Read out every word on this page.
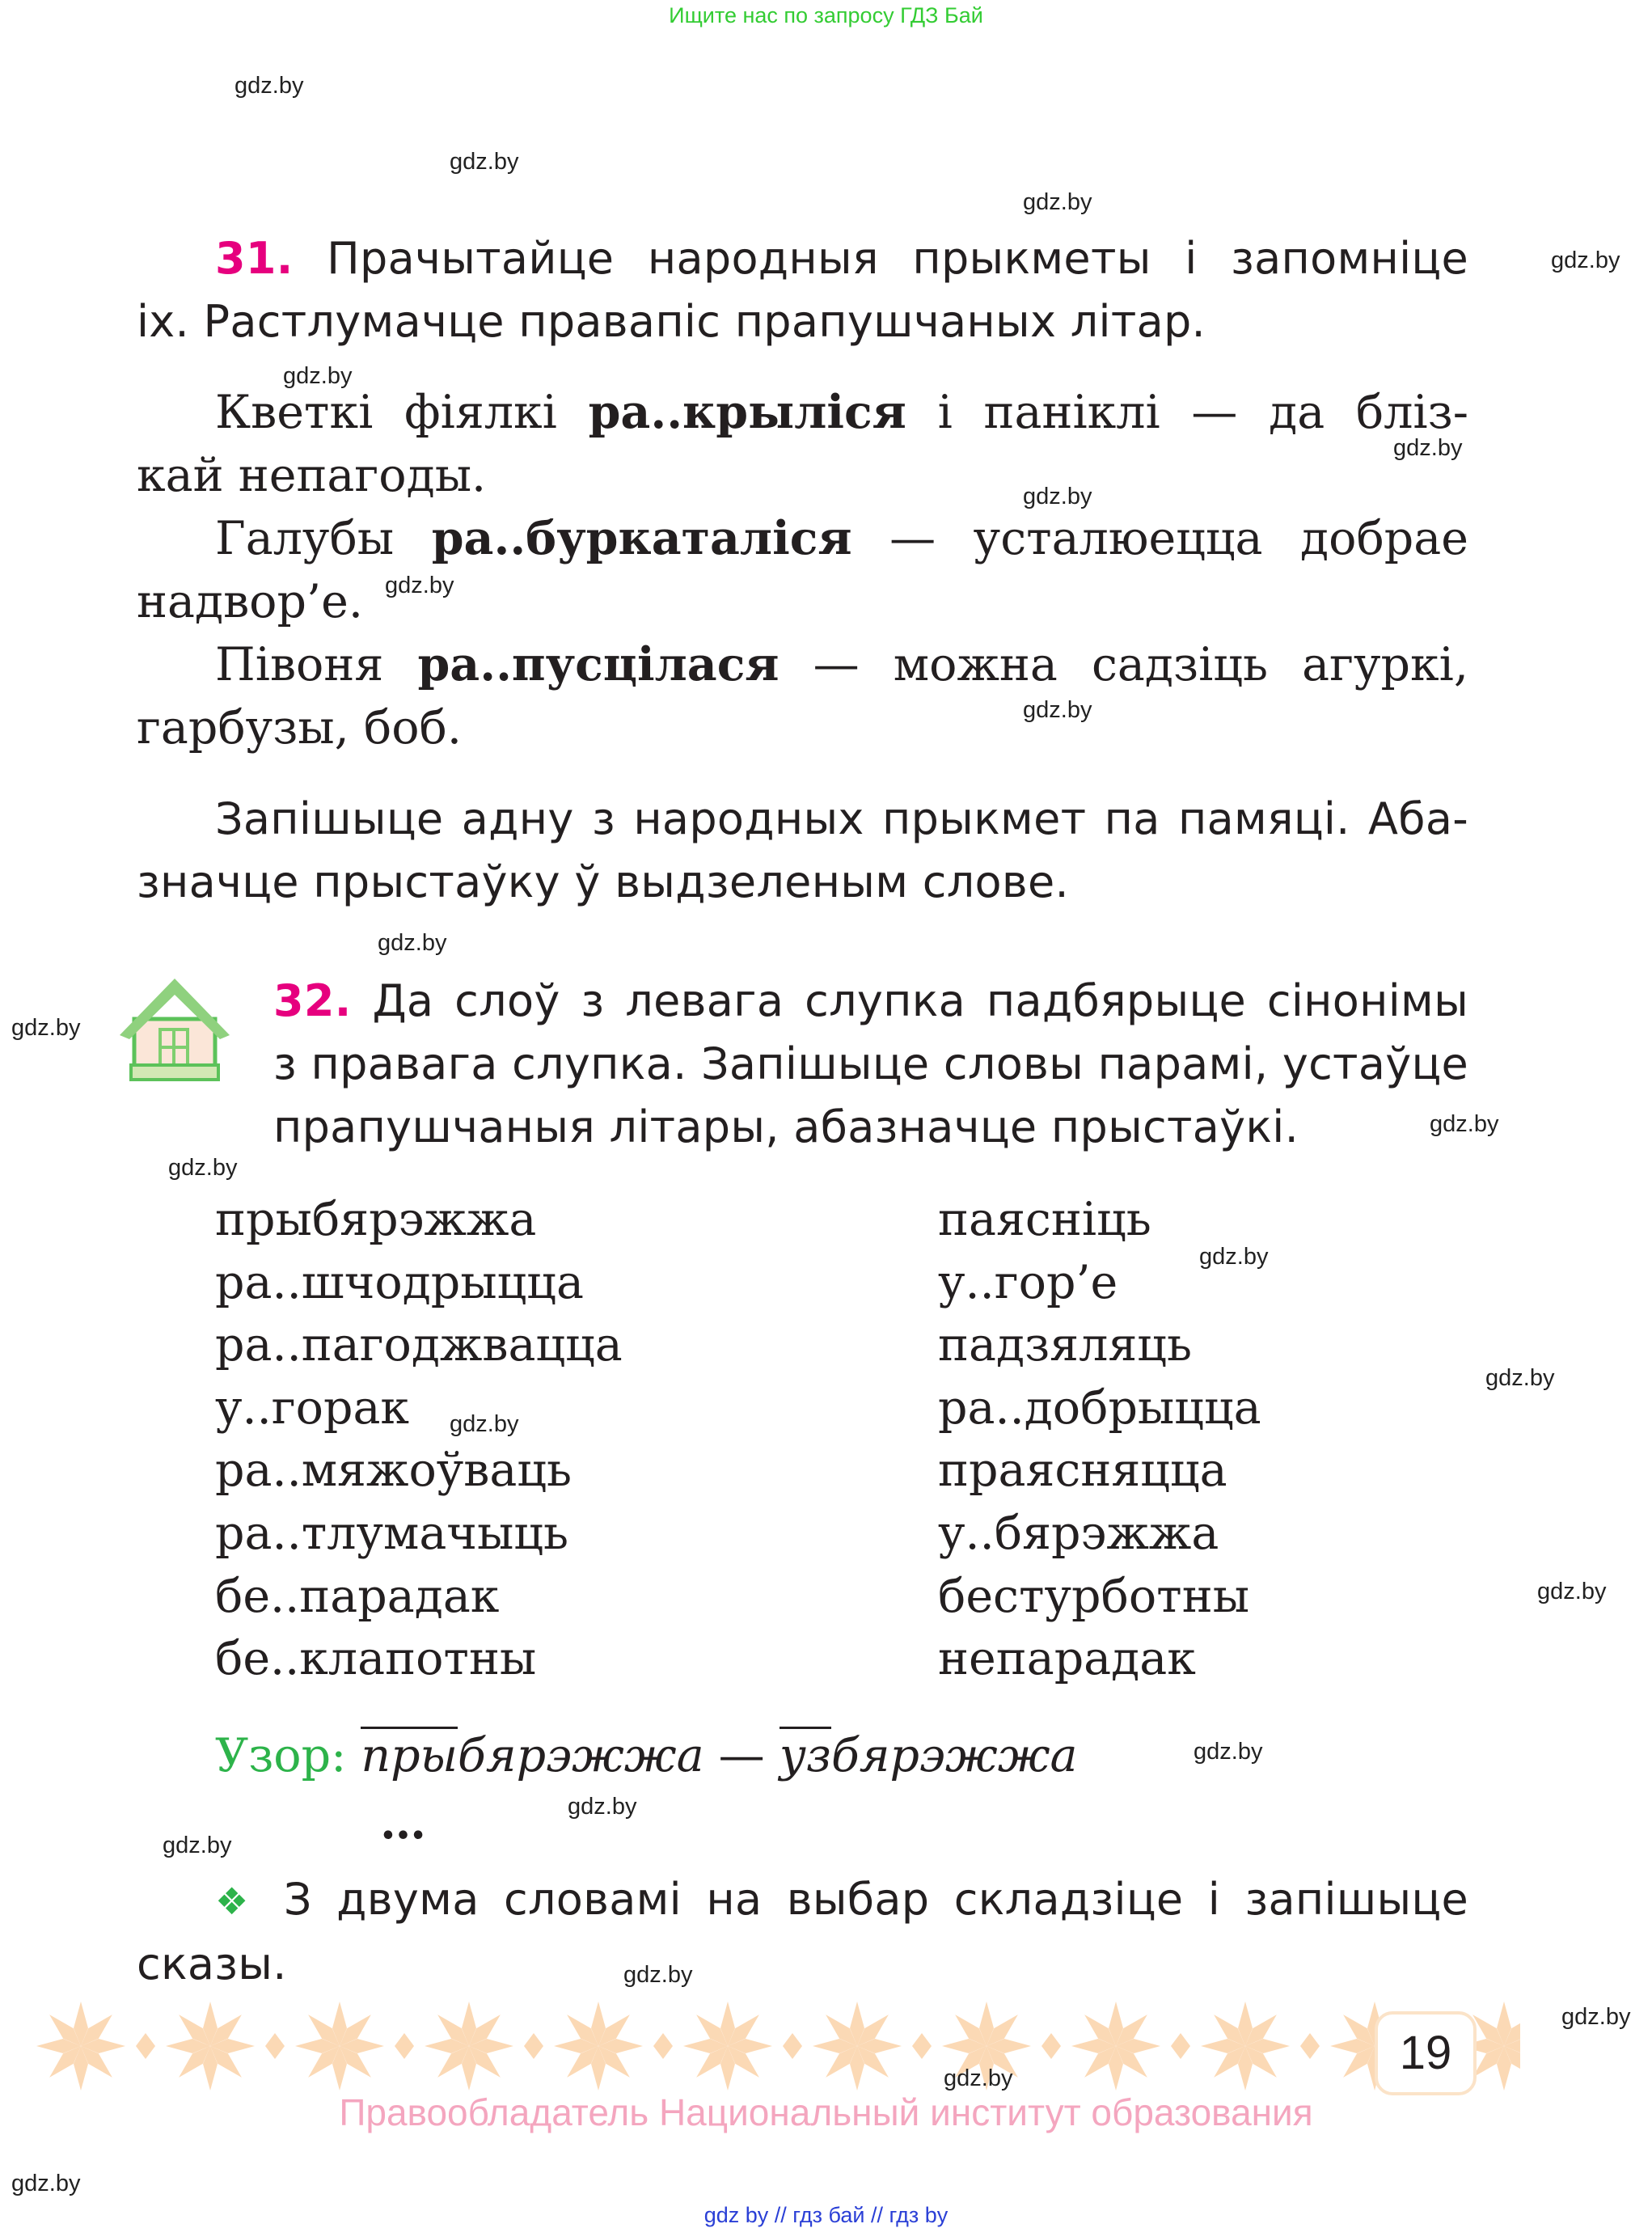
Ищите нас по запросу ГДЗ Бай
31. Прачытайце народныя прыкметы і запомніце
іх. Растлумачце правапіс прапушчаных літар.
Кветкі фіялкі ра..крыліся і паніклі — да бліз-
кай непагоды.
Галубы ра..буркаталіся — усталюецца добрае
надвор’е.
Півоня ра..пусцілася — можна садзіць агуркі,
гарбузы, боб.
Запішыце адну з народных прыкмет па памяці. Аба-
значце прыстаўку ў выдзеленым слове.
32. Да слоў з левага слупка падбярыце сінонімы
з правага слупка. Запішыце словы парамі, устаўце
прапушчаныя літары, абазначце прыстаўкі.
прыбярэжжа
ра..шчодрыцца
ра..пагоджвацца
у..горак
ра..мяжоўваць
ра..тлумачыць
бе..парадак
бе..клапотны
паясніць
у..гор’е
падзяляць
ра..добрыцца
праясняцца
у..бярэжжа
бестурботны
непарадак
Узор: прыбярэжжа — узбярэжжа
…
❖ З двума словамі на выбар складзіце і запішыце
сказы.
19
Правообладатель Национальный институт образования
gdz by // гдз бай // гдз by
gdz.by
gdz.by
gdz.by
gdz.by
gdz.by
gdz.by
gdz.by
gdz.by
gdz.by
gdz.by
gdz.by
gdz.by
gdz.by
gdz.by
gdz.by
gdz.by
gdz.by
gdz.by
gdz.by
gdz.by
gdz.by
gdz.by
gdz.by
gdz.by
